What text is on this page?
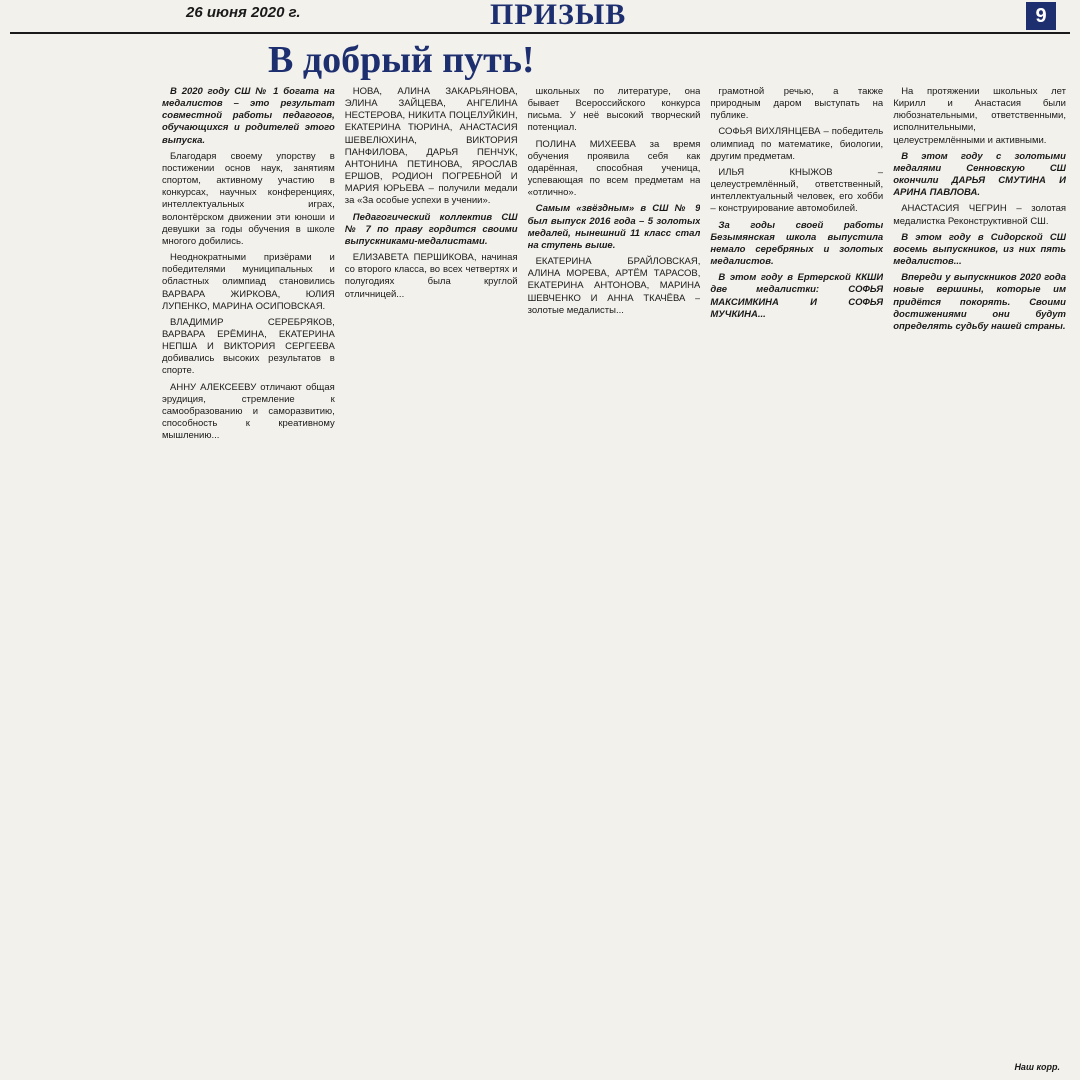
26 июня 2020 г.	ПРИЗЫВ	9
В добрый путь!

В 2020 году СШ № 1 богата на медалистов – это результат совместной работы педагогов, обучающихся и родителей этого выпуска.

Благодаря своему упорству в постижении основ наук, занятиям спортом, активному участию в конкурсах, научных конференциях, интеллектуальных играх, волонтёрском движении эти юноши и девушки за годы обучения в школе многого добились.

Неоднократными призёрами и победителями муниципальных и областных олимпиад становились ВАРВАРА ЖИРКОВА, ЮЛИЯ ЛУПЕНКО, МАРИНА ОСИПОВСКАЯ.

ВЛАДИМИР СЕРЕБРЯКОВ, ВАРВАРА ЕРЁМИНА, ЕКАТЕРИНА НЕПША И ВИКТОРИЯ СЕРГЕЕВА добивались высоких результатов в спорте.

АННУ АЛЕКСЕЕВУ отличают общая эрудиция, стремление к самообразованию и саморазвитию, способность к креативному мышлению...

НОВА, АЛИНА ЗАКАРЬЯНОВА, ЭЛИНА ЗАЙЦЕВА, АНГЕЛИНА НЕСТЕРОВА, НИКИТА ПОЦЕЛУЙКИН, ЕКАТЕРИНА ТЮРИНА, АНАСТАСИЯ ШЕВЕЛЮХИНА, ВИКТОРИЯ ПАНФИЛОВА, ДАРЬЯ ПЕНЧУК, АНТОНИНА ПЕТИНОВА, ЯРОСЛАВ ЕРШОВ, РОДИОН ПОГРЕБНОЙ И МАРИЯ ЮРЬЕВА – получили медали за «За особые успехи в учении».

Педагогический коллектив СШ № 7 по праву гордится своими выпускниками-медалистами.

ЕЛИЗАВЕТА ПЕРШИКОВА, начиная со второго класса, во всех четвертях и полугодиях была круглой отличницей...

школьных по литературе, она бывает Всероссийского конкурса письма. У неё высокий творческий потенциал.

ПОЛИНА МИХЕЕВА за время обучения проявила себя как одарённая, способная ученица, успевающая по всем предметам на «отлично».

Самым «звёздным» в СШ № 9 был выпуск 2016 года – 5 золотых медалей, нынешний 11 класс стал на ступень выше.

ЕКАТЕРИНА БРАЙЛОВСКАЯ, АЛИНА МОРЕВА, АРТЁМ ТАРАСОВ, ЕКАТЕРИНА АНТОНОВА, МАРИНА ШЕВЧЕНКО И АННА ТКАЧЁВА – золотые медалисты...

грамотной речью, а также природным даром выступать на публике.

СОФЬЯ ВИХЛЯНЦЕВА – победитель олимпиад по математике, биологии, другим предметам.

ИЛЬЯ КНЫЖОВ – целеустремлённый, ответственный, интеллектуальный человек, его хобби – конструирование автомобилей.

За годы своей работы Безымянская школа выпустила немало серебряных и золотых медалистов.

В этом году в Ертерской ККШИ две медалистки: СОФЬЯ МАКСИМКИНА И СОФЬЯ МУЧКИНА...

На протяжении школьных лет Кирилл и Анастасия были любознательными, ответственными, исполнительными, целеустремлёнными и активными.

В этом году с золотыми медалями Сенновскую СШ окончили ДАРЬЯ СМУТИНА И АРИНА ПАВЛОВА.

АНАСТАСИЯ ЧЕГРИН – золотая медалистка Реконструктивной СШ.

В этом году в Сидорской СШ восемь выпускников, из них пять медалистов...

Впереди у выпускников 2020 года новые вершины, которые им придётся покорять. Своими достижениями они будут определять судьбу нашей страны.

Наш корр.
